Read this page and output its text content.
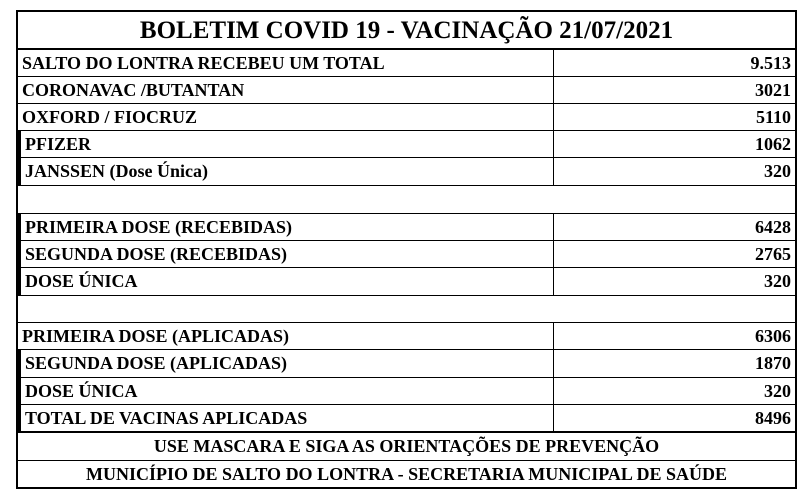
BOLETIM COVID 19 - VACINAÇÃO 21/07/2021
SALTO DO LONTRA RECEBEU UM TOTAL	9.513
CORONAVAC /BUTANTAN	3021
OXFORD / FIOCRUZ	5110
PFIZER	1062
JANSSEN (Dose Única)	320
PRIMEIRA DOSE (RECEBIDAS)	6428
SEGUNDA DOSE (RECEBIDAS)	2765
DOSE ÚNICA	320
PRIMEIRA DOSE (APLICADAS)	6306
SEGUNDA DOSE (APLICADAS)	1870
DOSE ÚNICA	320
TOTAL DE VACINAS APLICADAS	8496
USE MASCARA E SIGA AS ORIENTAÇÕES DE PREVENÇÃO
MUNICÍPIO DE SALTO DO LONTRA - SECRETARIA MUNICIPAL DE SAÚDE
